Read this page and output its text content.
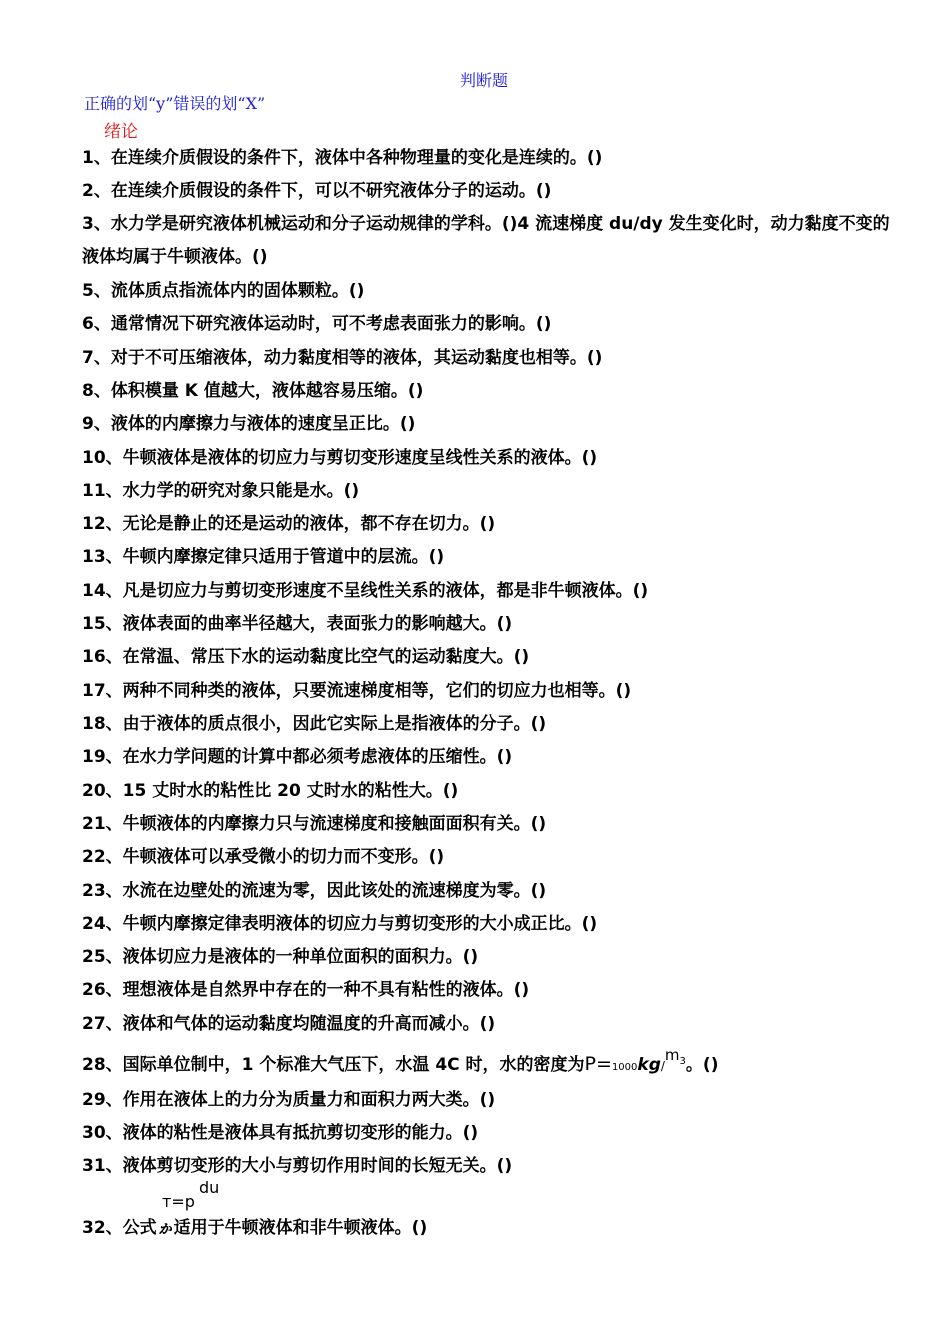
判断题
正确的划“y”错误的划“X”
绪论
1、在连续介质假设的条件下，液体中各种物理量的变化是连续的。()
2、在连续介质假设的条件下，可以不研究液体分子的运动。()
3、水力学是研究液体机械运动和分子运动规律的学科。()4 流速梯度 du/dy 发生变化时，动力黏度不变的液体均属于牛顿液体。()
5、流体质点指流体内的固体颗粒。()
6、通常情况下研究液体运动时，可不考虑表面张力的影响。()
7、对于不可压缩液体，动力黏度相等的液体，其运动黏度也相等。()
8、体积模量 K 值越大，液体越容易压缩。()
9、液体的内摩擦力与液体的速度呈正比。()
10、牛顿液体是液体的切应力与剪切变形速度呈线性关系的液体。()
11、水力学的研究对象只能是水。()
12、无论是静止的还是运动的液体，都不存在切力。()
13、牛顿内摩擦定律只适用于管道中的层流。()
14、凡是切应力与剪切变形速度不呈线性关系的液体，都是非牛顿液体。()
15、液体表面的曲率半径越大，表面张力的影响越大。()
16、在常温、常压下水的运动黏度比空气的运动黏度大。()
17、两种不同种类的液体，只要流速梯度相等，它们的切应力也相等。()
18、由于液体的质点很小，因此它实际上是指液体的分子。()
19、在水力学问题的计算中都必须考虑液体的压缩性。()
20、15 丈时水的粘性比 20 丈时水的粘性大。()
21、牛顿液体的内摩擦力只与流速梯度和接触面面积有关。()
22、牛顿液体可以承受微小的切力而不变形。()
23、水流在边壁处的流速为零，因此该处的流速梯度为零。()
24、牛顿内摩擦定律表明液体的切应力与剪切变形的大小成正比。()
25、液体切应力是液体的一种单位面积的面积力。()
26、理想液体是自然界中存在的一种不具有粘性的液体。()
27、液体和气体的运动黏度均随温度的升高而减小。()
28、国际单位制中，1 个标准大气压下，水温 4C 时，水的密度为$P=1000kg/m^3$。()
29、作用在液体上的力分为质量力和面积力两大类。()
30、液体的粘性是液体具有抵抗剪切变形的能力。()
31、液体剪切变形的大小与剪切作用时间的长短无关。()
du
т=р
32、公式ゕ适用于牛顿液体和非牛顿液体。()
